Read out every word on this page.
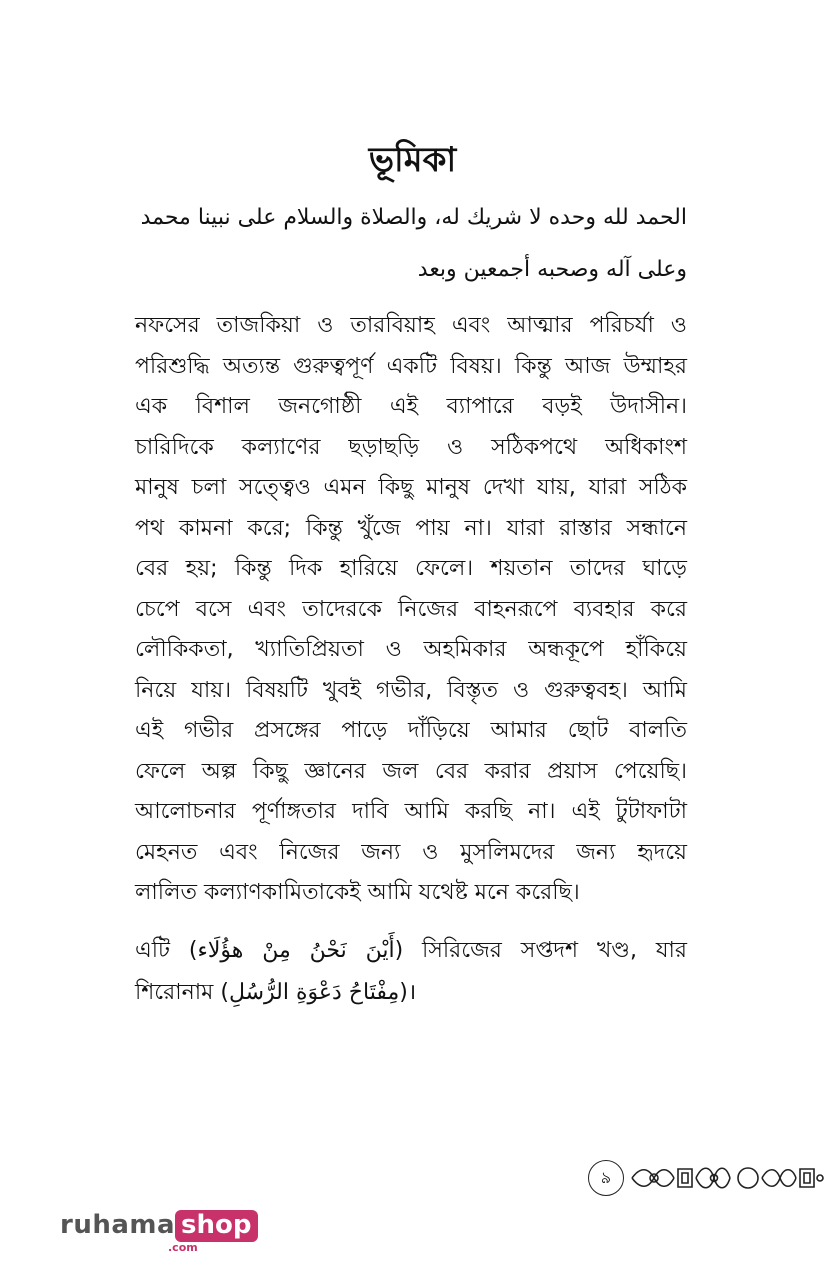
ভূমিকা
الحمد لله وحده لا شريك له، والصلاة والسلام على نبينا محمد
وعلى آله وصحبه أجمعين وبعد
নফসের তাজকিয়া ও তারবিয়াহ এবং আত্মার পরিচর্যা ও
পরিশুদ্ধি অত্যন্ত গুরুত্বপূর্ণ একটি বিষয়। কিন্তু আজ উম্মাহর
এক বিশাল জনগোষ্ঠী এই ব্যাপারে বড়ই উদাসীন।
চারিদিকে কল্যাণের ছড়াছড়ি ও সঠিকপথে অধিকাংশ
মানুষ চলা সত্ত্বেও এমন কিছু মানুষ দেখা যায়, যারা সঠিক
পথ কামনা করে; কিন্তু খুঁজে পায় না। যারা রাস্তার সন্ধানে
বের হয়; কিন্তু দিক হারিয়ে ফেলে। শয়তান তাদের ঘাড়ে
চেপে বসে এবং তাদেরকে নিজের বাহনরূপে ব্যবহার করে
লৌকিকতা, খ্যাতিপ্রিয়তা ও অহমিকার অন্ধকূপে হাঁকিয়ে
নিয়ে যায়। বিষয়টি খুবই গভীর, বিস্তৃত ও গুরুত্ববহ। আমি
এই গভীর প্রসঙ্গের পাড়ে দাঁড়িয়ে আমার ছোট বালতি
ফেলে অল্প কিছু জ্ঞানের জল বের করার প্রয়াস পেয়েছি।
আলোচনার পূর্ণাঙ্গতার দাবি আমি করছি না। এই টুটাফাটা
মেহনত এবং নিজের জন্য ও মুসলিমদের জন্য হৃদয়ে
লালিত কল্যাণকামিতাকেই আমি যথেষ্ট মনে করেছি।
এটি (أَيْنَ نَحْنُ مِنْ هؤُلَاء) সিরিজের সপ্তদশ খণ্ড, যার
শিরোনাম (مِفْتَاحُ دَعْوَةِ الرُّسُلِ)।
৯
ruhama shop
.com
